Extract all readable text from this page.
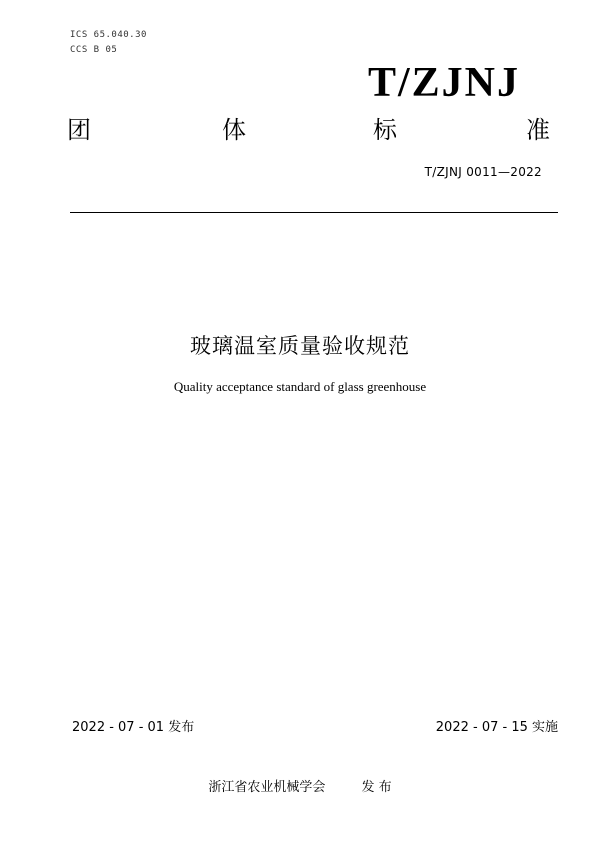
ICS 65.040.30
CCS B 05
T/ZJNJ
团	体	标	准
T/ZJNJ 0011—2022
玻璃温室质量验收规范
Quality acceptance standard of glass greenhouse
2022 - 07 - 01 发布	2022 - 07 - 15 实施
浙江省农业机械学会	发 布
